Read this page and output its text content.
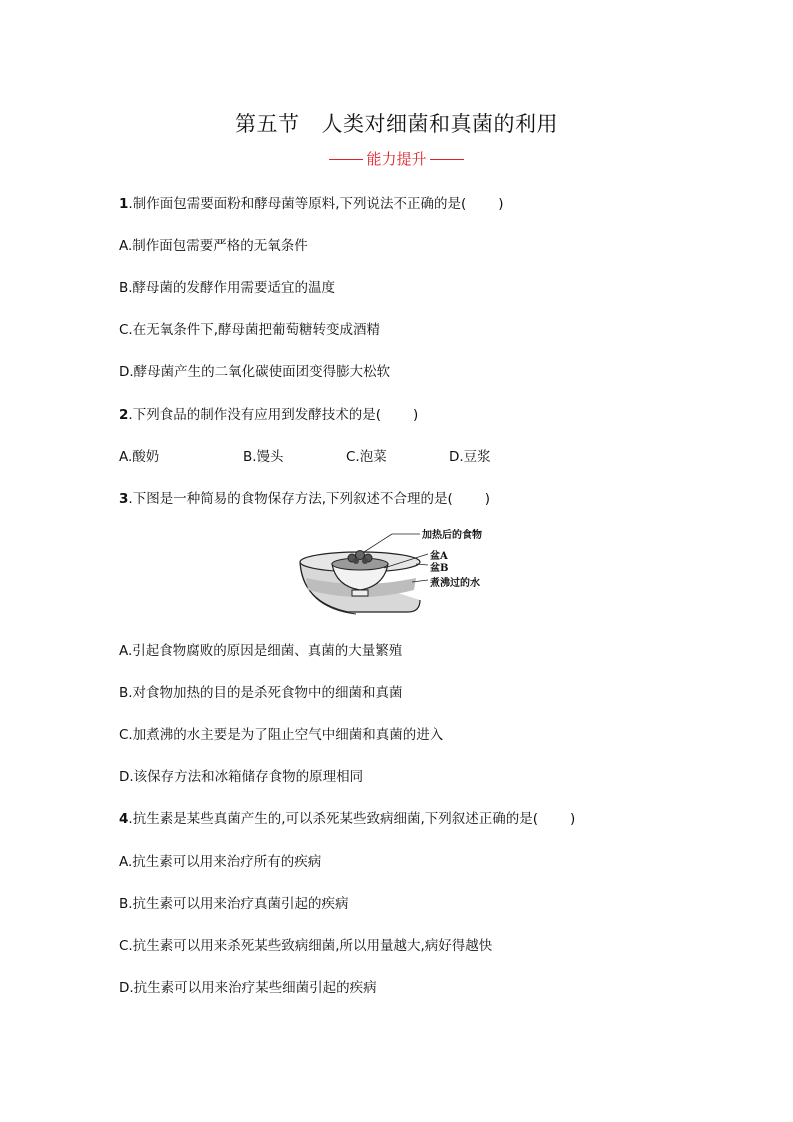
第五节 人类对细菌和真菌的利用
能力提升
1.制作面包需要面粉和酵母菌等原料,下列说法不正确的是( )
A.制作面包需要严格的无氧条件
B.酵母菌的发酵作用需要适宜的温度
C.在无氧条件下,酵母菌把葡萄糖转变成酒精
D.酵母菌产生的二氧化碳使面团变得膨大松软
2.下列食品的制作没有应用到发酵技术的是( )
A.酸奶	B.馒头	C.泡菜	D.豆浆
3.下图是一种简易的食物保存方法,下列叙述不合理的是( )
加热后的食物
盆A
盆B
煮沸过的水
A.引起食物腐败的原因是细菌、真菌的大量繁殖
B.对食物加热的目的是杀死食物中的细菌和真菌
C.加煮沸的水主要是为了阻止空气中细菌和真菌的进入
D.该保存方法和冰箱储存食物的原理相同
4.抗生素是某些真菌产生的,可以杀死某些致病细菌,下列叙述正确的是( )
A.抗生素可以用来治疗所有的疾病
B.抗生素可以用来治疗真菌引起的疾病
C.抗生素可以用来杀死某些致病细菌,所以用量越大,病好得越快
D.抗生素可以用来治疗某些细菌引起的疾病
